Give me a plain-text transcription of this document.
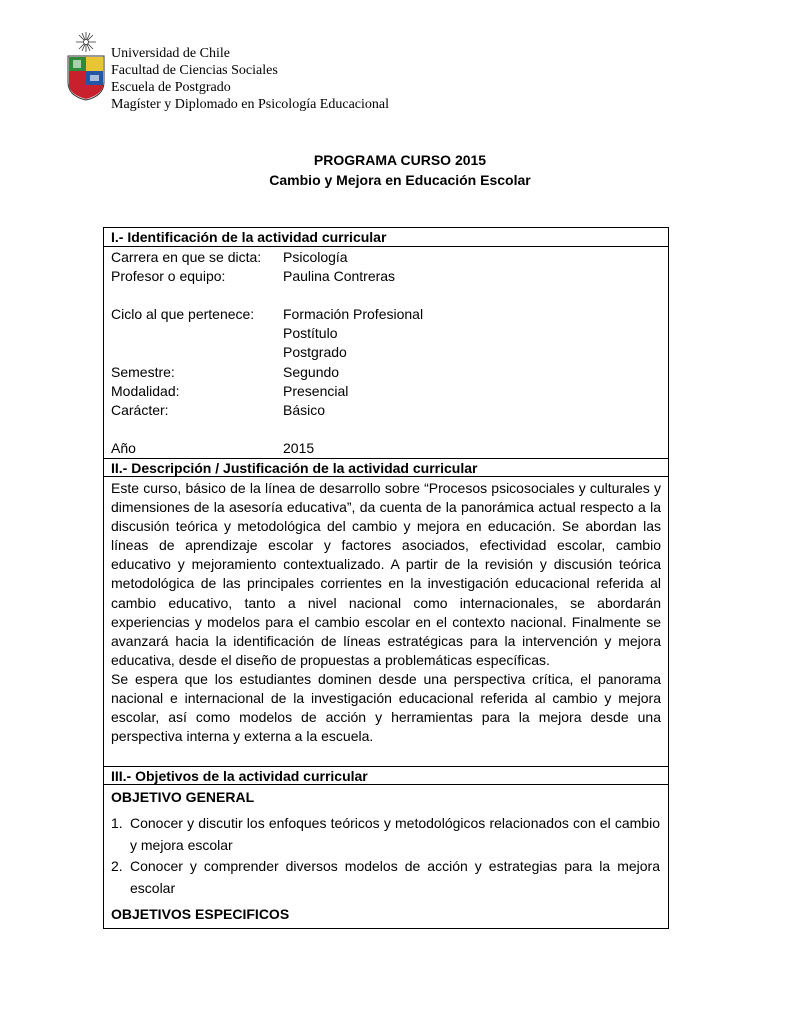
Universidad de Chile
Facultad de Ciencias Sociales
Escuela de Postgrado
Magíster y Diplomado en Psicología Educacional
PROGRAMA CURSO 2015
Cambio y Mejora en Educación Escolar
I.- Identificación de la actividad curricular
Carrera en que se dicta: Psicología
Profesor o equipo:	Paulina Contreras
Ciclo al que pertenece:	Formación Profesional
Postítulo
Postgrado
Semestre:	Segundo
Modalidad:	Presencial
Carácter:	Básico
Año	2015
II.- Descripción / Justificación de la actividad curricular
Este curso, básico de la línea de desarrollo sobre “Procesos psicosociales y culturales y dimensiones de la asesoría educativa”, da cuenta de la panorámica actual respecto a la discusión teórica y metodológica del cambio y mejora en educación. Se abordan las líneas de aprendizaje escolar y factores asociados, efectividad escolar, cambio educativo y mejoramiento contextualizado. A partir de la revisión y discusión teórica metodológica de las principales corrientes en la investigación educacional referida al cambio educativo, tanto a nivel nacional como internacionales, se abordarán experiencias y modelos para el cambio escolar en el contexto nacional. Finalmente se avanzará hacia la identificación de líneas estratégicas para la intervención y mejora educativa, desde el diseño de propuestas a problemáticas específicas.
Se espera que los estudiantes dominen desde una perspectiva crítica, el panorama nacional e internacional de la investigación educacional referida al cambio y mejora escolar, así como modelos de acción y herramientas para la mejora desde una perspectiva interna y externa a la escuela.
III.- Objetivos de la actividad curricular
OBJETIVO GENERAL
1. Conocer y discutir los enfoques teóricos y metodológicos relacionados con el cambio y mejora escolar
2. Conocer y comprender diversos modelos de acción y estrategias para la mejora escolar
OBJETIVOS ESPECIFICOS
